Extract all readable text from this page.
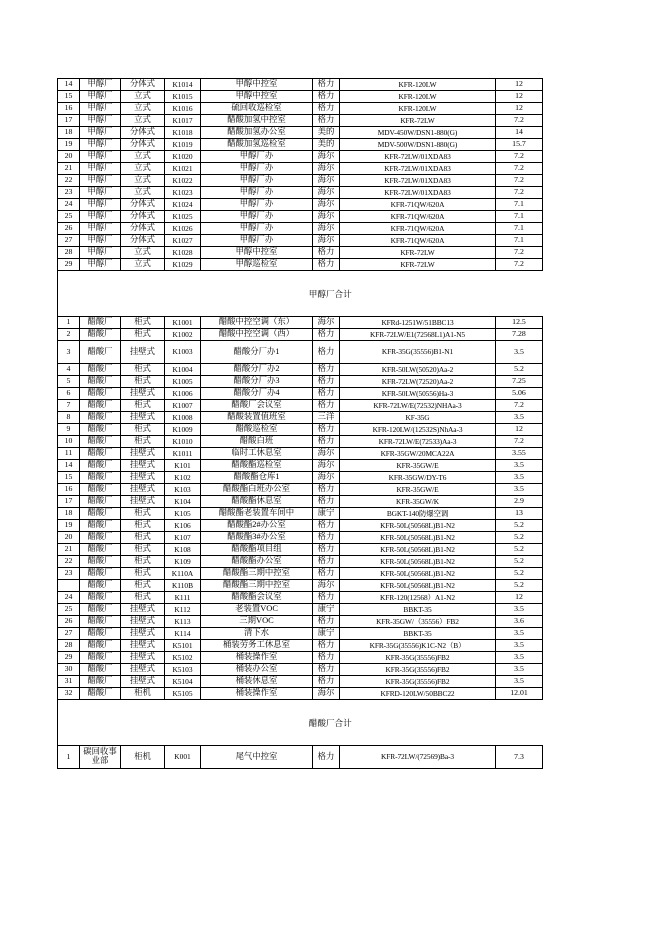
14	甲醇厂	分体式	K1014	甲醇中控室	格力	KFR-120LW	12
15	甲醇厂	立式	K1015	甲醇中控室	格力	KFR-120LW	12
16	甲醇厂	立式	K1016	硫回收巡检室	格力	KFR-120LW	12
17	甲醇厂	立式	K1017	醋酸加氢中控室	格力	KFR-72LW	7.2
18	甲醇厂	分体式	K1018	醋酸加氢办公室	美的	MDV-450W/DSN1-880(G)	14
19	甲醇厂	分体式	K1019	醋酸加氢巡检室	美的	MDV-500W/DSN1-880(G)	15.7
20	甲醇厂	立式	K1020	甲醇厂办	海尔	KFR-72LW/01XDA83	7.2
21	甲醇厂	立式	K1021	甲醇厂办	海尔	KFR-72LW/01XDA83	7.2
22	甲醇厂	立式	K1022	甲醇厂办	海尔	KFR-72LW/01XDA83	7.2
23	甲醇厂	立式	K1023	甲醇厂办	海尔	KFR-72LW/01XDA83	7.2
24	甲醇厂	分体式	K1024	甲醇厂办	海尔	KFR-71QW/620A	7.1
25	甲醇厂	分体式	K1025	甲醇厂办	海尔	KFR-71QW/620A	7.1
26	甲醇厂	分体式	K1026	甲醇厂办	海尔	KFR-71QW/620A	7.1
27	甲醇厂	分体式	K1027	甲醇厂办	海尔	KFR-71QW/620A	7.1
28	甲醇厂	立式	K1028	甲醇中控室	格力	KFR-72LW	7.2
29	甲醇厂	立式	K1029	甲醇巡检室	格力	KFR-72LW	7.2
甲醇厂合计
1	醋酸厂	柜式	K1001	醋酸中控空调（东）	海尔	KFRd-1251W/51BBC13	12.5
2	醋酸厂	柜式	K1002	醋酸中控空调（西）	格力	KFR-72LW/E1(72568L1)A1-N5	7.28
3	醋酸厂	挂壁式	K1003	醋酸分厂办1	格力	KFR-35G(35556)B1-N1	3.5
4	醋酸厂	柜式	K1004	醋酸分厂办2	格力	KFR-50LW(50520)Aa-2	5.2
5	醋酸厂	柜式	K1005	醋酸分厂办3	格力	KFR-72LW(72520)Aa-2	7.25
6	醋酸厂	挂壁式	K1006	醋酸分厂办4	格力	KFR-50LW(50556)Ha-3	5.06
7	醋酸厂	柜式	K1007	醋酸厂会议室	格力	KFR-72LW/E(72532)NHAa-3	7.2
8	醋酸厂	挂壁式	K1008	醋酸装置值班室	三洋	KF-35G	3.5
9	醋酸厂	柜式	K1009	醋酸巡检室	格力	KFR-120LW/(12532S)NhAa-3	12
10	醋酸厂	柜式	K1010	醋酸白班	格力	KFR-72LW/E(72533)Aa-3	7.2
11	醋酸厂	挂壁式	K1011	临时工休息室	海尔	KFR-35GW/20MCA22A	3.55
14	醋酸厂	挂壁式	K101	醋酸酯巡检室	海尔	KFR-35GW/E	3.5
15	醋酸厂	挂壁式	K102	醋酸酯仓库1	海尔	KFR-35GW/DY-T6	3.5
16	醋酸厂	挂壁式	K103	醋酸酯白班办公室	格力	KFR-35GW/E	3.5
17	醋酸厂	挂壁式	K104	醋酸酯休息室	格力	KFR-35GW/K	2.9
18	醋酸厂	柜式	K105	醋酸酯老装置车间中	康宁	BGKT-140防爆空调	13
19	醋酸厂	柜式	K106	醋酸酯2#办公室	格力	KFR-50L(50568L)B1-N2	5.2
20	醋酸厂	柜式	K107	醋酸酯3#办公室	格力	KFR-50L(50568L)B1-N2	5.2
21	醋酸厂	柜式	K108	醋酸酯项目组	格力	KFR-50L(50568L)B1-N2	5.2
22	醋酸厂	柜式	K109	醋酸酯办公室	格力	KFR-50L(50568L)B1-N2	5.2
23	醋酸厂	柜式	K110A	醋酸酯三期中控室	格力	KFR-50L(50568L)B1-N2	5.2
	醋酸厂	柜式	K110B	醋酸酯三期中控室	海尔	KFR-50L(50568L)B1-N2	5.2
24	醋酸厂	柜式	K111	醋酸酯会议室	格力	KFR-120(12568）A1-N2	12
25	醋酸厂	挂壁式	K112	老装置VOC	康宁	BBKT-35	3.5
26	醋酸厂	挂壁式	K113	三期VOC	格力	KFR-35GW/（35556）FB2	3.6
27	醋酸厂	挂壁式	K114	清下水	康宁	BBKT-35	3.5
28	醋酸厂	挂壁式	K5101	桶装劳务工休息室	格力	KFR-35G(35556)K1C-N2（B）	3.5
29	醋酸厂	挂壁式	K5102	桶装操作室	格力	KFR-35G(35556)FB2	3.5
30	醋酸厂	挂壁式	K5103	桶装办公室	格力	KFR-35G(35556)FB2	3.5
31	醋酸厂	挂壁式	K5104	桶装休息室	格力	KFR-35G(35556)FB2	3.5
32	醋酸厂	柜机	K5105	桶装操作室	海尔	KFRD-120LW/50BBC22	12.01
醋酸厂合计
1	碳回收事业部	柜机	K001	尾气中控室	格力	KFR-72LW/(72569)Ba-3	7.3
